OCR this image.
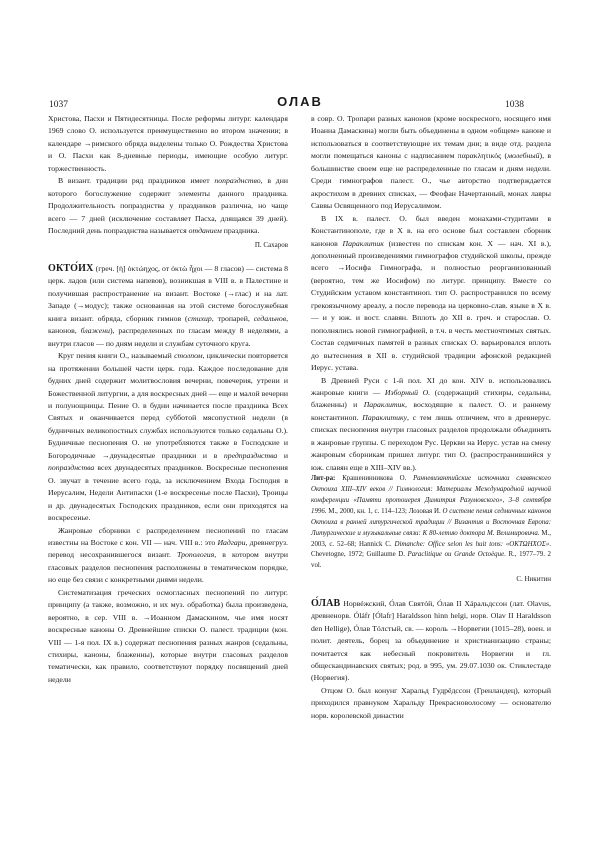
1037	ОЛАВ	1038

Христова, Пасхи и Пятидесятницы. После реформы литург. календаря 1969 слово О. используется преимущественно во втором значении; в календаре →римского обряда выделены только О. Рождества Христова и О. Пасхи как 8-дневные периоды, имеющие особую литург. торжественность.

В визант. традиции ряд праздников имеет попразднство, в дни которого богослужение содержит элементы данного праздника. Продолжительность попразднства у праздников различна, но чаще всего — 7 дней (исключение составляет Пасха, длящаяся 39 дней). Последний день попразднства называется отданием праздника.

П. Сахаров

ОКТО́ИХ (греч. [ἡ] ὀκτώηχος, от ὀκτὼ ἦχοι — 8 гласов) — система 8 церк. ладов (или система напевов), возникшая в VIII в. в Палестине и получившая распространение на визант. Востоке (→глас) и на лат. Западе (→модус); также основанная на этой системе богослужебная книга визант. обряда, сборник гимнов (стихир, тропарей, седальнов, канонов, блажени), распределенных по гласам между 8 неделями, а внутри гласов — по дням недели и службам суточного круга.

Круг пения книги О., называемый столпом, циклически повторяется на протяжении большей части церк. года. Каждое последование для будних дней содержит молитвословия вечерни, повечерия, утрени и Божественной литургии, а для воскресных дней — еще и малой вечерни и полунощницы. Пение О. в будни начинается после праздника Всех Святых и оканчивается перед субботой мясопустной недели (в будничных великопостных службах используются только седальны О.). Будничные песнопения О. не употребляются также в Господские и Богородичные →двунадесятые праздники и в предпразднства и попразднства всех двунадесятых праздников. Воскресные песнопения О. звучат в течение всего года, за исключением Входа Господня в Иерусалим, Недели Антипасхи (1-е воскресенье после Пасхи), Троицы и др. двунадесятых Господских праздников, если они приходятся на воскресенье.

Жанровые сборники с распределением песнопений по гласам известны на Востоке с кон. VII — нач. VIII в.: это Иадгари, древнегруз. перевод несохранившегося визант. Тропология, в котором внутри гласовых разделов песнопения расположены в тематическом порядке, но еще без связи с конкретными днями недели.

Систематизация греческих осмогласных песнопений по литург. принципу (а также, возможно, и их муз. обработка) была произведена, вероятно, в сер. VIII в. →Иоанном Дамаскином, чье имя носят воскресные каноны О. Древнейшие списки О. палест. традиции (кон. VIII — 1-я пол. IX в.) содержат песнопения разных жанров (седальны, стихиры, каноны, блаженны), которые внутри гласовых разделов тематически, как правило, соответствуют порядку посвящений дней недели

в совр. О. Тропари разных канонов (кроме воскресного, носящего имя Иоанна Дамаскина) могли быть объединены в одном «общем» каноне и использоваться в соответствующие их темам дни; в виде отд. раздела могли помещаться каноны с надписанием παρακλητικός (молебный), в большинстве своем еще не распределенные по гласам и дням недели. Среди гимнографов палест. О., чье авторство подтверждается акростихом в древних списках, — Феофан Начертанный, монах лавры Саввы Освященного под Иерусалимом.

В IX в. палест. О. был введен монахами-студитами в Константинополе, где в X в. на его основе был составлен сборник канонов Параклитик (известен по спискам кон. X — нач. XI в.), дополненный произведениями гимнографов студийской школы, прежде всего →Иосифа Гимнографа, и полностью реорганизованный (вероятно, тем же Иосифом) по литург. принципу. Вместе со Студийским уставом константиноп. тип О. распространился по всему грекоязычному ареалу, а после перевода на церковно-слав. языке в X в. — и у юж. и вост. славян. Вплоть до XII в. греч. и старослав. О. пополнялись новой гимнографией, в т.ч. в честь местночтимых святых. Состав седмичных памятей в разных списках О. варьировался вплоть до вытеснения в XII в. студийской традиции афонской редакцией Иерус. устава.

В Древней Руси с 1-й пол. XI до кон. XIV в. использовались жанровые книги — Изборный О. (содержащий стихиры, седальны, блаженны) и Параклитик, восходящие к палест. О. и раннему константиноп. Параклитику, с тем лишь отличием, что в древнерус. списках песнопения внутри гласовых разделов продолжали объединять в жанровые группы. С переходом Рус. Церкви на Иерус. устав на смену жанровым сборникам пришел литург. тип О. (распространившийся у юж. славян еще в XIII–XIV вв.).

Лит-ра: Крашенинникова О. Ранневизантийские источники славянского Октоиха XIII–XIV веков // Гимнология: Материалы Международной научной конференции «Памяти протоиерея Димитрия Разумовского», 3–8 сентября 1996. М., 2000, кн. 1, с. 114–123; Лозовая И. О системе пения седмичных канонов Октоиха в ранней литургической традиции // Византия и Восточная Европа: Литургические и музыкальные связи: К 80-летию доктора М. Велимировича. М., 2003, с. 52–68; Hannick C. Dimanche: Office selon les huit tons: «ΟΚΤΩΗΧΟΣ». Chevetogne, 1972; Guillaume D. Paraclitique ou Grande Octoèque. R., 1977–79. 2 vol.

С. Никитин

О́ЛАВ Норвéжский, Óлав Святóй, Óлав II Хáральдссон (лат. Olavus, древненорв. Óláfr [Ólafr] Haraldsson hinn helgi, норв. Olav II Haraldsson den Hellige), Óлав Тóлстый, св. — король →Норвегии (1015–28), воен. и полит. деятель, борец за объединение и христианизацию страны; почитается как небесный покровитель Норвегии и гл. общескандинавских святых; род. в 995, ум. 29.07.1030 ок. Стиклестаде (Норвегия).

Отцом О. был конунг Харальд Гудрёдссон (Гренландец), который приходился правнуком Харальду Прекрасноволосому — основателю норв. королевской династии
